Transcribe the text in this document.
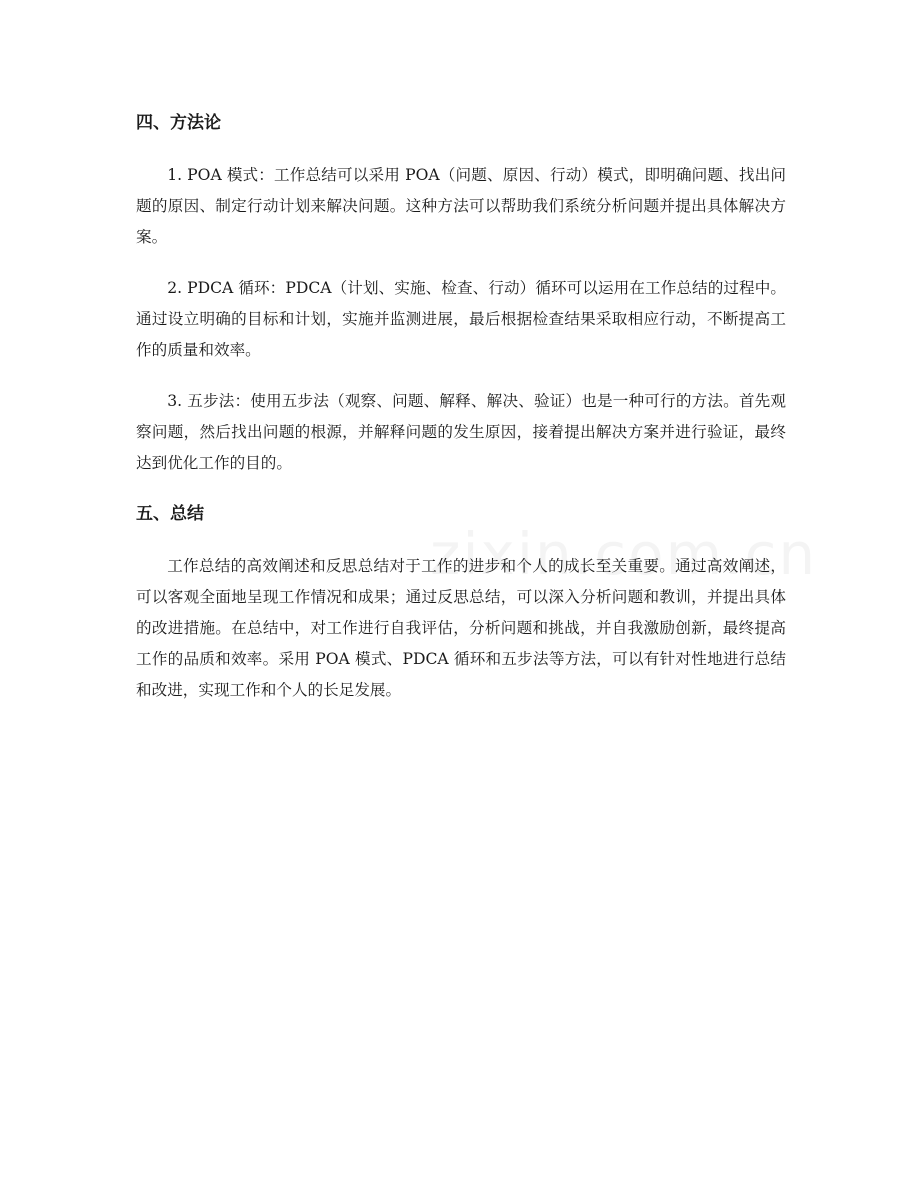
四、方法论

1. POA 模式：工作总结可以采用 POA（问题、原因、行动）模式，即明确问题、找出问题的原因、制定行动计划来解决问题。这种方法可以帮助我们系统分析问题并提出具体解决方案。

2. PDCA 循环：PDCA（计划、实施、检查、行动）循环可以运用在工作总结的过程中。通过设立明确的目标和计划，实施并监测进展，最后根据检查结果采取相应行动，不断提高工作的质量和效率。

3. 五步法：使用五步法（观察、问题、解释、解决、验证）也是一种可行的方法。首先观察问题，然后找出问题的根源，并解释问题的发生原因，接着提出解决方案并进行验证，最终达到优化工作的目的。

五、总结

工作总结的高效阐述和反思总结对于工作的进步和个人的成长至关重要。通过高效阐述，可以客观全面地呈现工作情况和成果；通过反思总结，可以深入分析问题和教训，并提出具体的改进措施。在总结中，对工作进行自我评估，分析问题和挑战，并自我激励创新，最终提高工作的品质和效率。采用 POA 模式、PDCA 循环和五步法等方法，可以有针对性地进行总结和改进，实现工作和个人的长足发展。
